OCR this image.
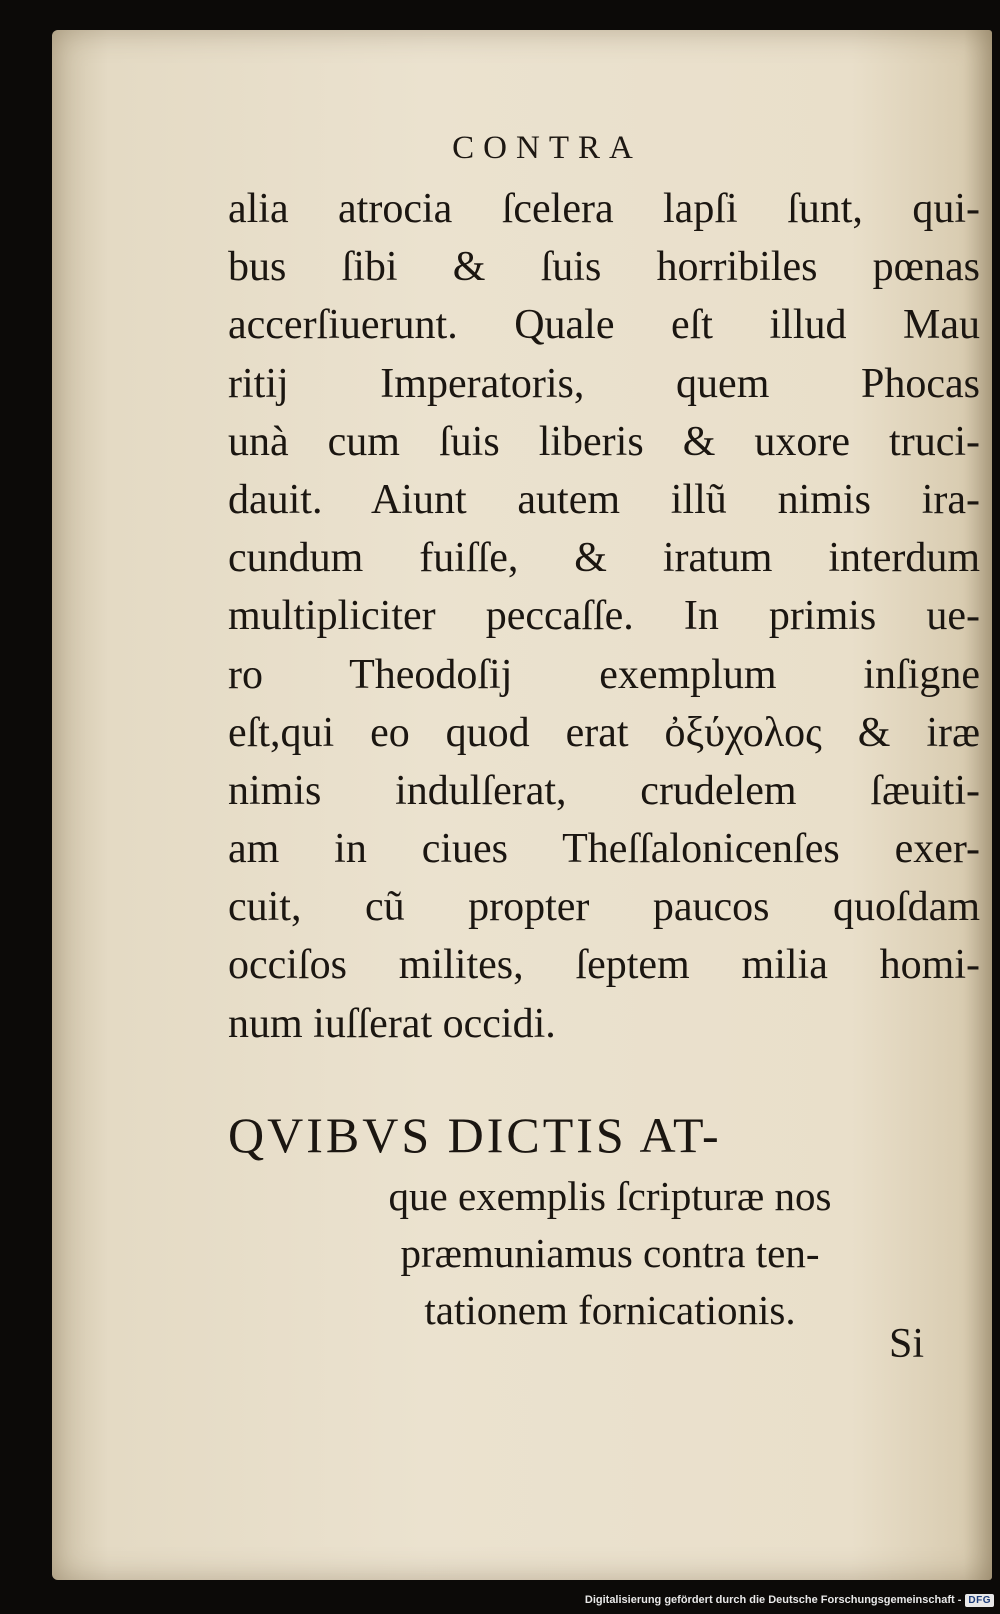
CONTRA
alia atrocia ſcelera lapſi ſunt, qui-
bus ſibi & ſuis horribiles pœnas
accerſiuerunt. Quale eſt illud Mau
ritij Imperatoris, quem Phocas
unà cum ſuis liberis & uxore truci-
dauit. Aiunt autem illũ nimis ira-
cundum fuiſſe, & iratum interdum
multipliciter peccaſſe. In primis ue-
ro Theodoſij exemplum inſigne
eſt,qui eo quod erat ὀξύχολος & iræ
nimis indulſerat, crudelem ſæuiti-
am in ciues Theſſalonicenſes exer-
cuit, cũ propter paucos quoſdam
occiſos milites, ſeptem milia homi-
num iuſſerat occidi.
QVIBVS DICTIS AT-
que exemplis ſcripturæ nos
præmuniamus contra ten-
tationem fornicationis.
Si
Digitalisierung gefördert durch die Deutsche Forschungsgemeinschaft - DFG
